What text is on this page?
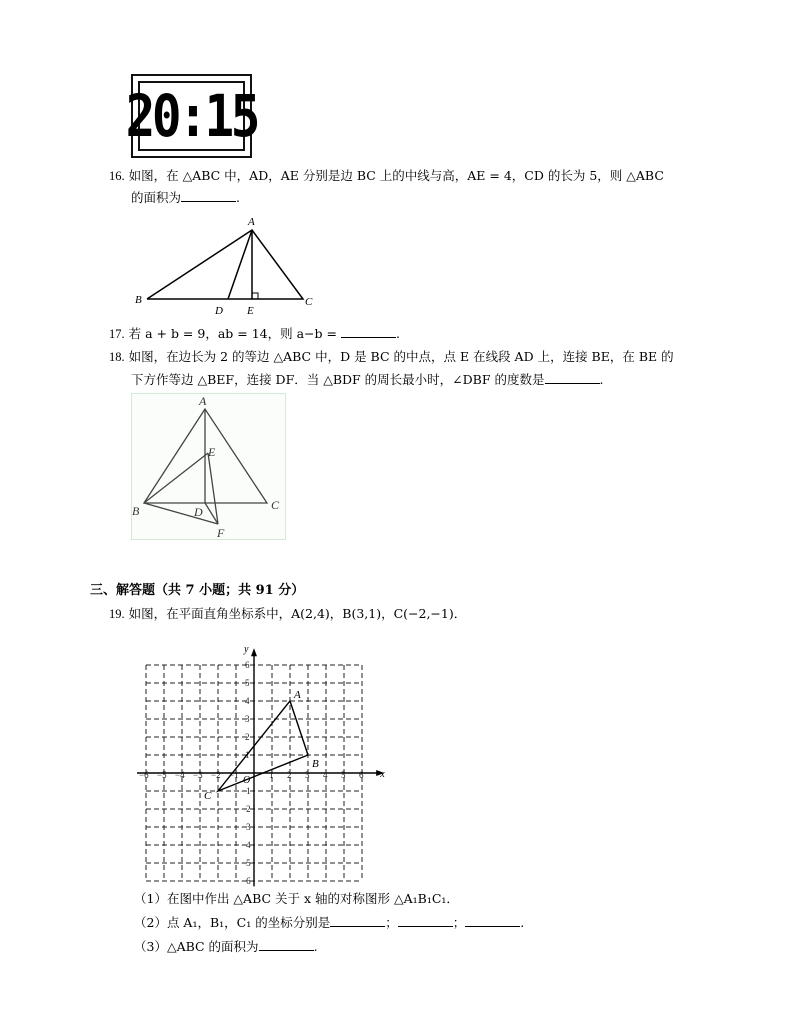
20:15
16. 如图，在 △ABC 中，AD，AE 分别是边 BC 上的中线与高，AE = 4，CD 的长为 5，则 △ABC
的面积为	.
A
B
D E
C
17. 若 a + b = 9，ab = 14，则 a−b =	.
18. 如图，在边长为 2 的等边 △ABC 中，D 是 BC 的中点，点 E 在线段 AD 上，连接 BE，在 BE 的
下方作等边 △BEF，连接 DF．当 △BDF 的周长最小时，∠DBF 的度数是	.
A
E
B	D	C
F
三、解答题（共 7 小题；共 91 分）
19. 如图，在平面直角坐标系中，A(2,4)，B(3,1)，C(−2,−1)．
x
y
O
−6 −5 −4 −3 −2 −1	1 2 3 4 5 6
6
5
4
3
2
1
−1
−2
−3
−4
−5
−6
A
B
C
（1）在图中作出 △ABC 关于 x 轴的对称图形 △A₁B₁C₁．
（2）点 A₁，B₁，C₁ 的坐标分别是	；	；	.
（3）△ABC 的面积为	.
